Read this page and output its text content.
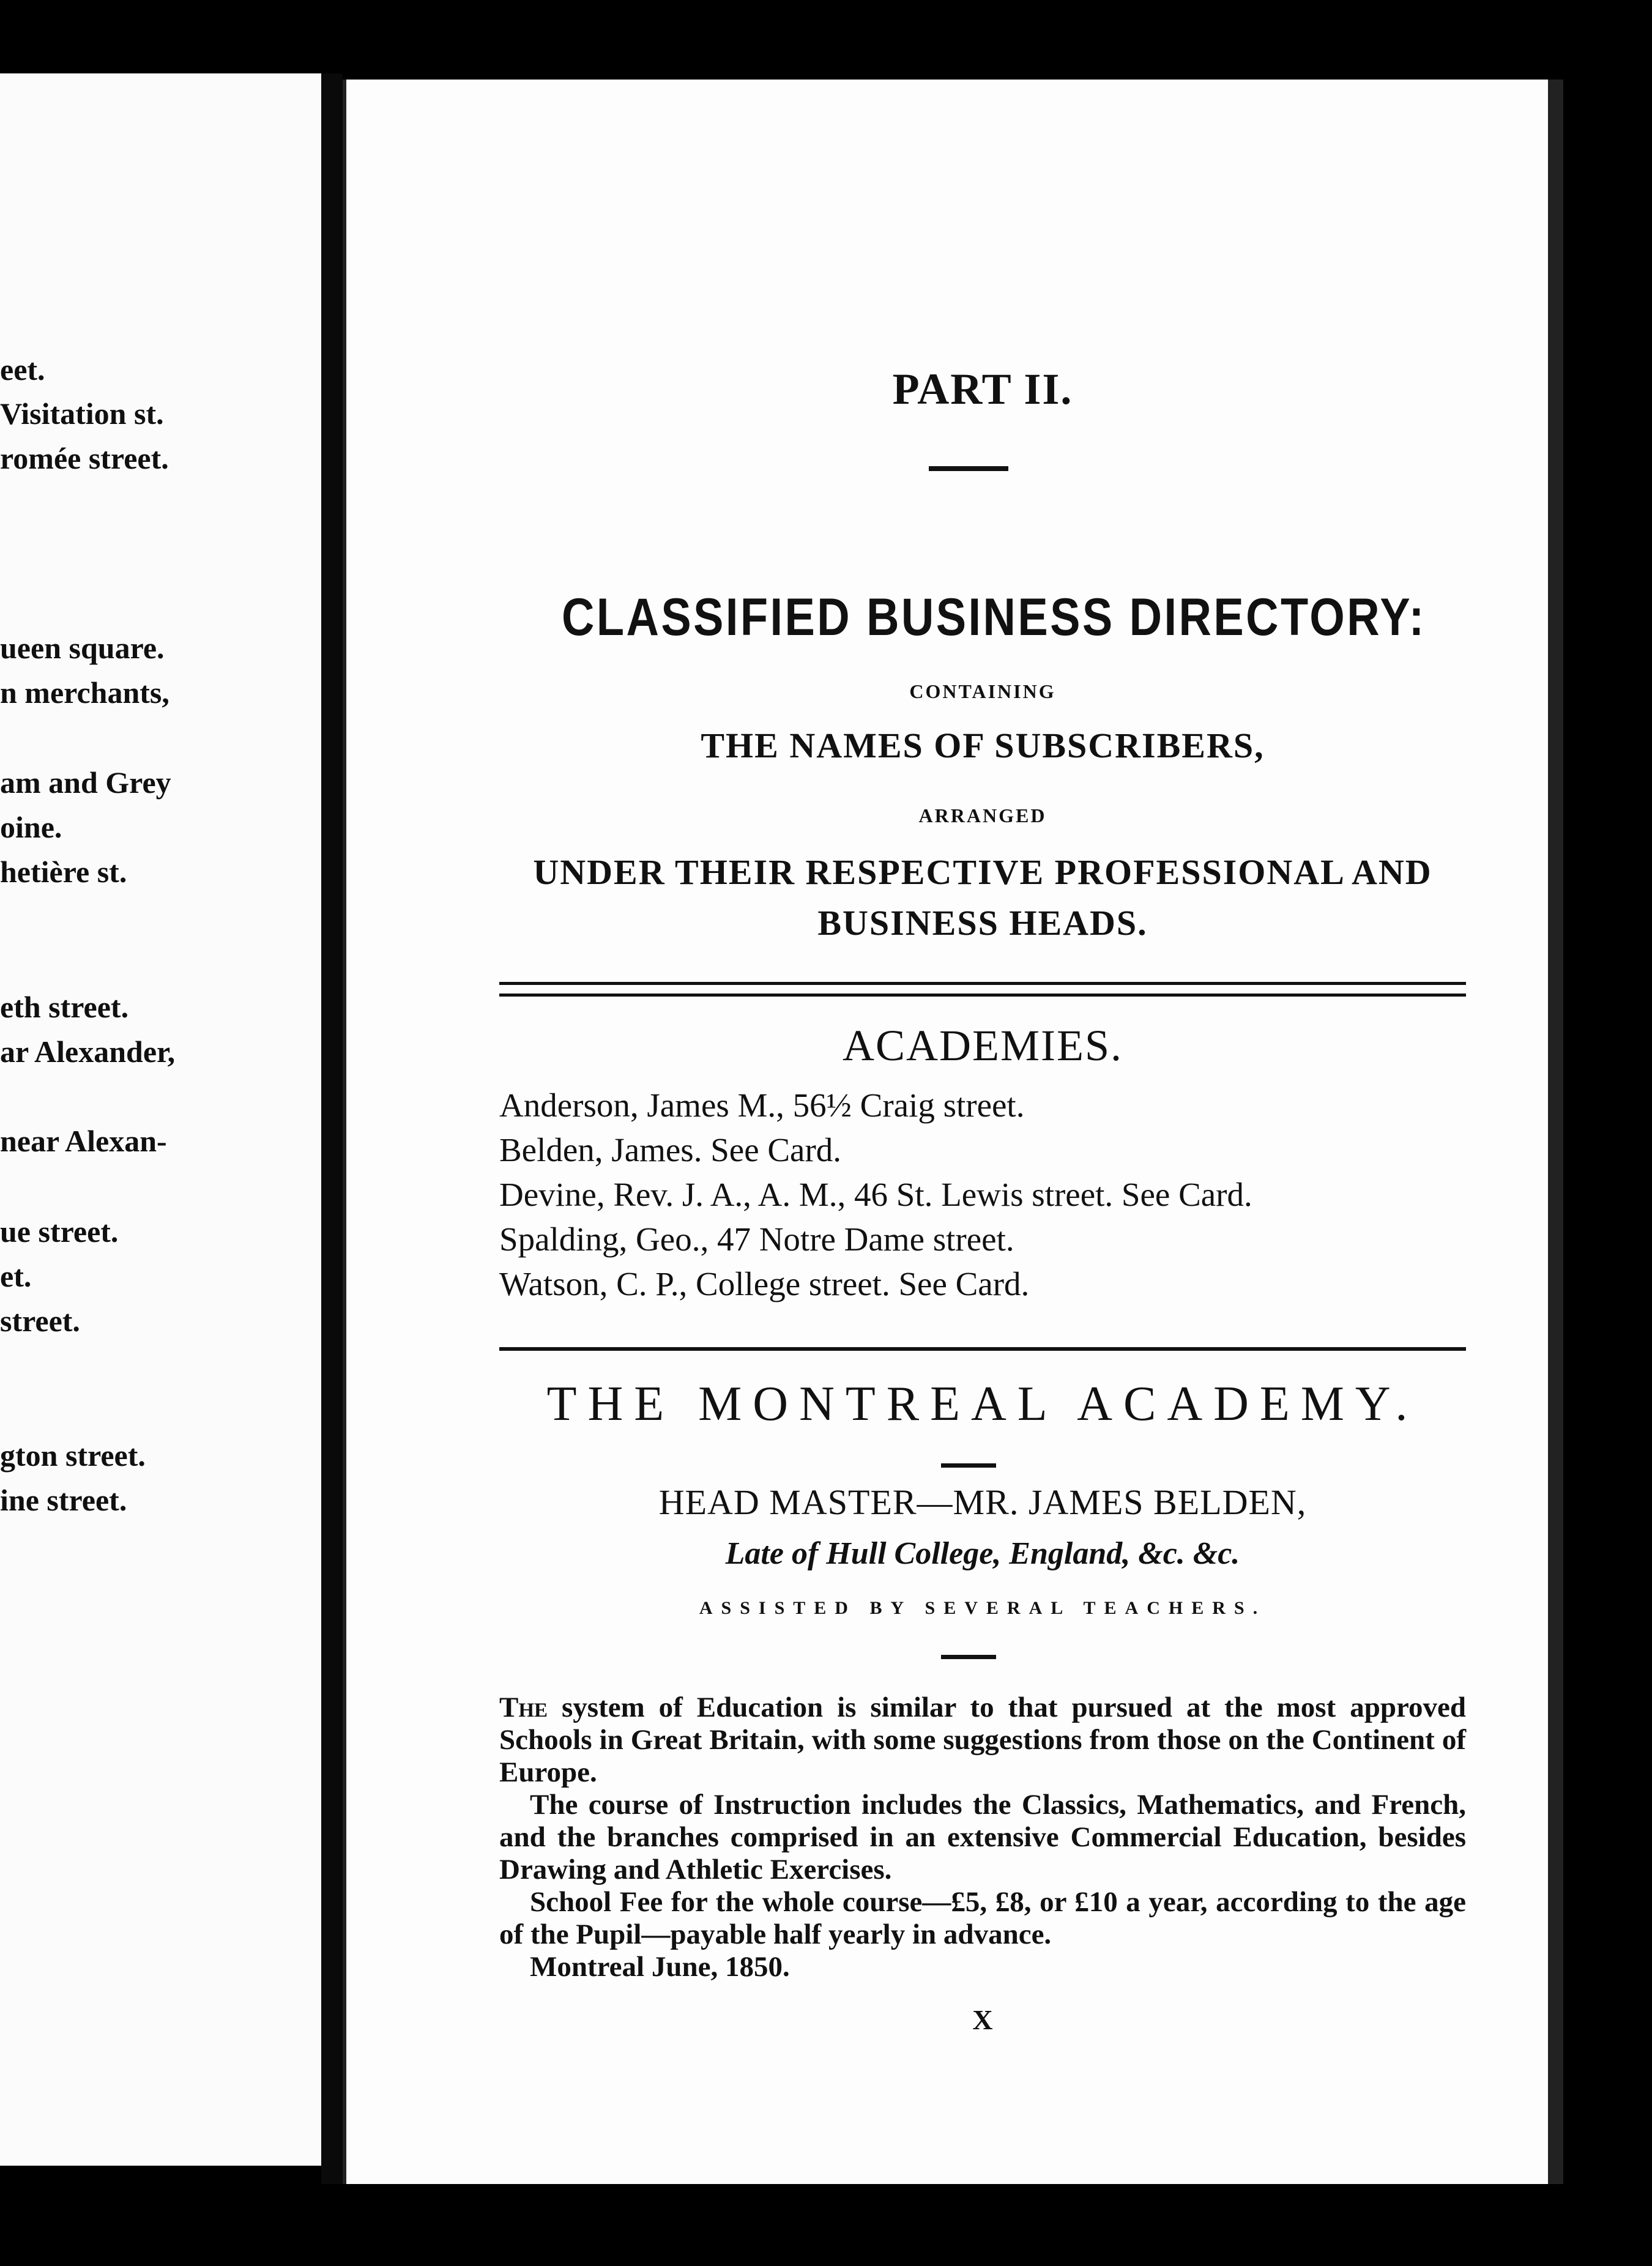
eet.
Visitation st.
romée street.
ueen square.
n merchants,
am and Grey
oine.
hetière st.
eth street.
ar Alexander,
near Alexan-
ue street.
et.
street.
gton street.
ine street.
PART II.
CLASSIFIED BUSINESS DIRECTORY:
CONTAINING
THE NAMES OF SUBSCRIBERS,
ARRANGED
UNDER THEIR RESPECTIVE PROFESSIONAL AND
BUSINESS HEADS.
ACADEMIES.
Anderson, James M., 56½ Craig street.
Belden, James. See Card.
Devine, Rev. J. A., A. M., 46 St. Lewis street. See Card.
Spalding, Geo., 47 Notre Dame street.
Watson, C. P., College street. See Card.
THE MONTREAL ACADEMY.
HEAD MASTER—MR. JAMES BELDEN,
Late of Hull College, England, &c. &c.
ASSISTED BY SEVERAL TEACHERS.

The system of Education is similar to that pursued at the most approved Schools in Great Britain, with some suggestions from those on the Continent of Europe.

The course of Instruction includes the Classics, Mathematics, and French, and the branches comprised in an extensive Commercial Education, besides Drawing and Athletic Exercises.

School Fee for the whole course—£5, £8, or £10 a year, according to the age of the Pupil—payable half yearly in advance.

Montreal June, 1850.

X
